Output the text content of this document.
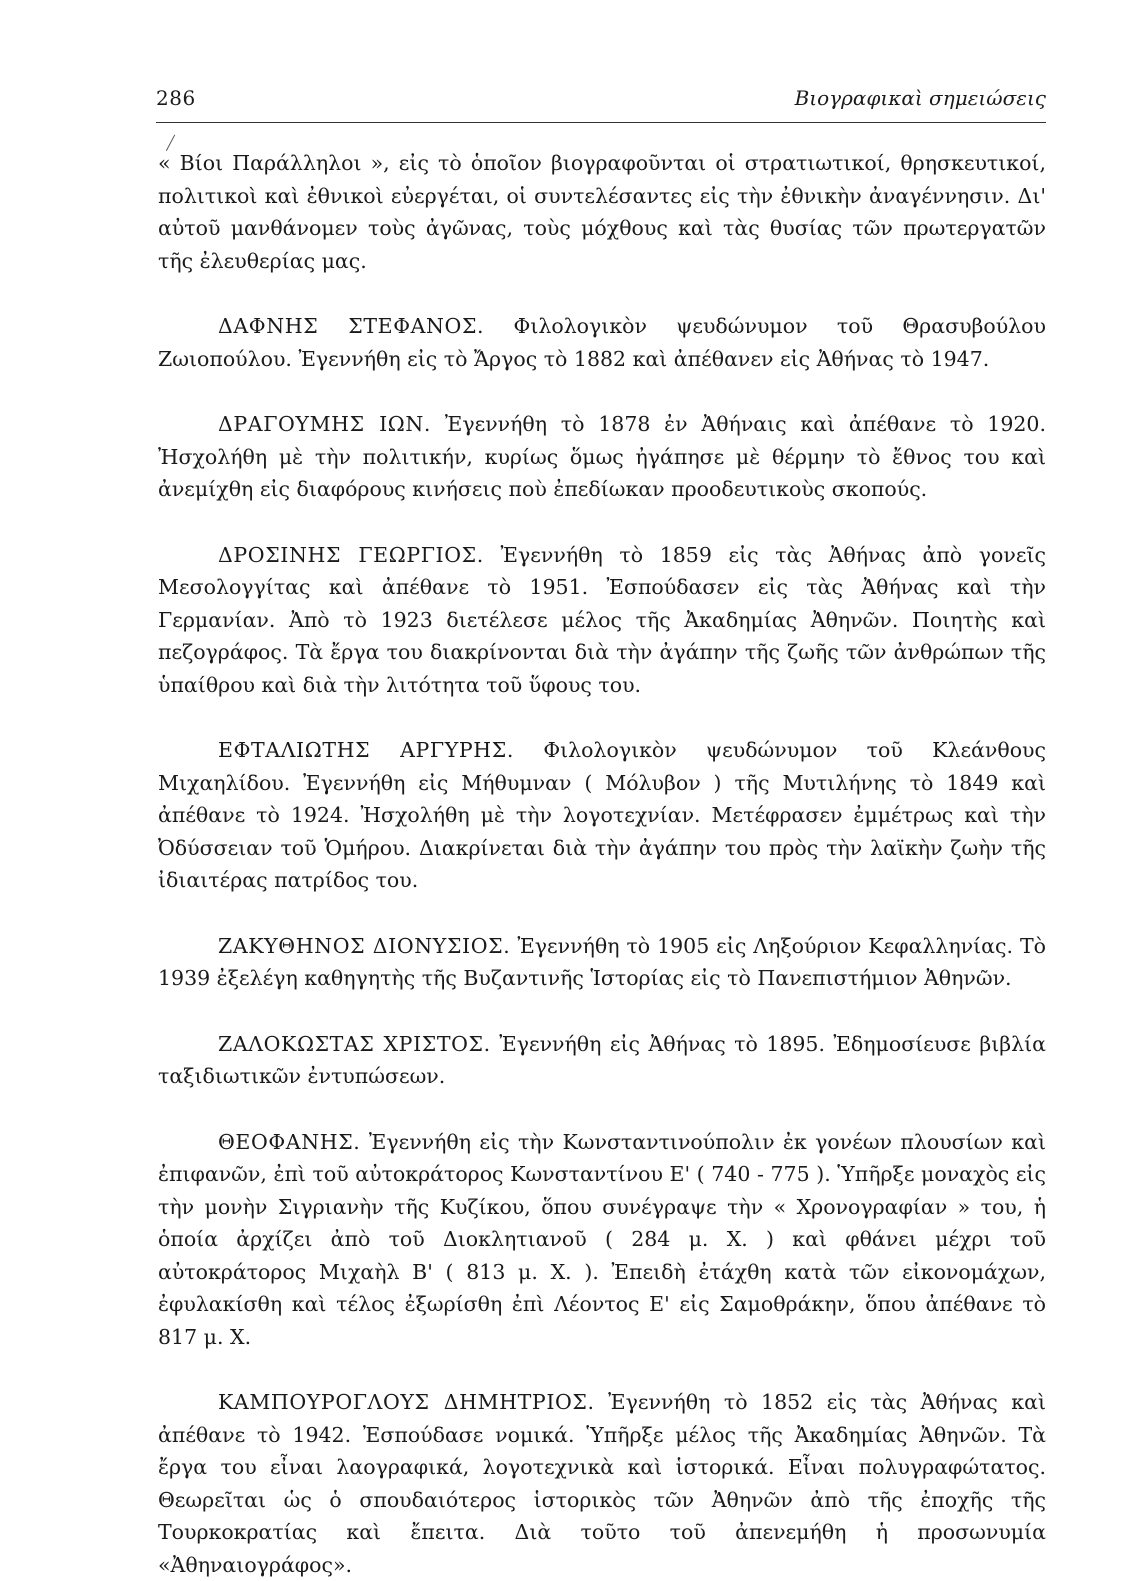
286	Βιογραφικαὶ σημειώσεις

« Βίοι Παράλληλοι », εἰς τὸ ὁποῖον βιογραφοῦνται οἱ στρατιωτικοί, θρησκευτικοί, πολιτικοὶ καὶ ἐθνικοὶ εὐεργέται, οἱ συντελέσαντες εἰς τὴν ἐθνικὴν ἀναγέννησιν. Δι' αὐτοῦ μανθάνομεν τοὺς ἀγῶνας, τοὺς μόχθους καὶ τὰς θυσίας τῶν πρωτεργατῶν τῆς ἐλευθερίας μας.

ΔΑΦΝΗΣ ΣΤΕΦΑΝΟΣ. Φιλολογικὸν ψευδώνυμον τοῦ Θρασυβούλου Ζωιοπούλου. Ἐγεννήθη εἰς τὸ Ἄργος τὸ 1882 καὶ ἀπέθανεν εἰς Ἀθήνας τὸ 1947.

ΔΡΑΓΟΥΜΗΣ ΙΩΝ. Ἐγεννήθη τὸ 1878 ἐν Ἀθήναις καὶ ἀπέθανε τὸ 1920. Ἠσχολήθη μὲ τὴν πολιτικήν, κυρίως ὅμως ἠγάπησε μὲ θέρμην τὸ ἔθνος του καὶ ἀνεμίχθη εἰς διαφόρους κινήσεις ποὺ ἐπεδίωκαν προοδευτικοὺς σκοπούς.

ΔΡΟΣΙΝΗΣ ΓΕΩΡΓΙΟΣ. Ἐγεννήθη τὸ 1859 εἰς τὰς Ἀθήνας ἀπὸ γονεῖς Μεσολογγίτας καὶ ἀπέθανε τὸ 1951. Ἐσπούδασεν εἰς τὰς Ἀθήνας καὶ τὴν Γερμανίαν. Ἀπὸ τὸ 1923 διετέλεσε μέλος τῆς Ἀκαδημίας Ἀθηνῶν. Ποιητὴς καὶ πεζογράφος. Τὰ ἔργα του διακρίνονται διὰ τὴν ἀγάπην τῆς ζωῆς τῶν ἀνθρώπων τῆς ὑπαίθρου καὶ διὰ τὴν λιτότητα τοῦ ὕφους του.

ΕΦΤΑΛΙΩΤΗΣ ΑΡΓΥΡΗΣ. Φιλολογικὸν ψευδώνυμον τοῦ Κλεάνθους Μιχαηλίδου. Ἐγεννήθη εἰς Μήθυμναν ( Μόλυβον ) τῆς Μυτιλήνης τὸ 1849 καὶ ἀπέθανε τὸ 1924. Ἠσχολήθη μὲ τὴν λογοτεχνίαν. Μετέφρασεν ἐμμέτρως καὶ τὴν Ὀδύσσειαν τοῦ Ὁμήρου. Διακρίνεται διὰ τὴν ἀγάπην του πρὸς τὴν λαϊκὴν ζωὴν τῆς ἰδιαιτέρας πατρίδος του.

ΖΑΚΥΘΗΝΟΣ ΔΙΟΝΥΣΙΟΣ. Ἐγεννήθη τὸ 1905 εἰς Ληξούριον Κεφαλληνίας. Τὸ 1939 ἐξελέγη καθηγητὴς τῆς Βυζαντινῆς Ἱστορίας εἰς τὸ Πανεπιστήμιον Ἀθηνῶν.

ΖΑΛΟΚΩΣΤΑΣ ΧΡΙΣΤΟΣ. Ἐγεννήθη εἰς Ἀθήνας τὸ 1895. Ἐδημοσίευσε βιβλία ταξιδιωτικῶν ἐντυπώσεων.

ΘΕΟΦΑΝΗΣ. Ἐγεννήθη εἰς τὴν Κωνσταντινούπολιν ἐκ γονέων πλουσίων καὶ ἐπιφανῶν, ἐπὶ τοῦ αὐτοκράτορος Κωνσταντίνου Ε' ( 740 - 775 ). Ὑπῆρξε μοναχὸς εἰς τὴν μονὴν Σιγριανὴν τῆς Κυζίκου, ὅπου συνέγραψε τὴν « Χρονογραφίαν » του, ἡ ὁποία ἀρχίζει ἀπὸ τοῦ Διοκλητιανοῦ ( 284 μ. Χ. ) καὶ φθάνει μέχρι τοῦ αὐτοκράτορος Μιχαὴλ Β' ( 813 μ. Χ. ). Ἐπειδὴ ἐτάχθη κατὰ τῶν εἰκονομάχων, ἐφυλακίσθη καὶ τέλος ἐξωρίσθη ἐπὶ Λέοντος Ε' εἰς Σαμοθράκην, ὅπου ἀπέθανε τὸ 817 μ. Χ.

ΚΑΜΠΟΥΡΟΓΛΟΥΣ ΔΗΜΗΤΡΙΟΣ. Ἐγεννήθη τὸ 1852 εἰς τὰς Ἀθήνας καὶ ἀπέθανε τὸ 1942. Ἐσπούδασε νομικά. Ὑπῆρξε μέλος τῆς Ἀκαδημίας Ἀθηνῶν. Τὰ ἔργα του εἶναι λαογραφικά, λογοτεχνικὰ καὶ ἱστορικά. Εἶναι πολυγραφώτατος. Θεωρεῖται ὡς ὁ σπουδαιότερος ἱστορικὸς τῶν Ἀθηνῶν ἀπὸ τῆς ἐποχῆς τῆς Τουρκοκρατίας καὶ ἔπειτα. Διὰ τοῦτο τοῦ ἀπενεμήθη ἡ προσωνυμία «Ἀθηναιογράφος».
